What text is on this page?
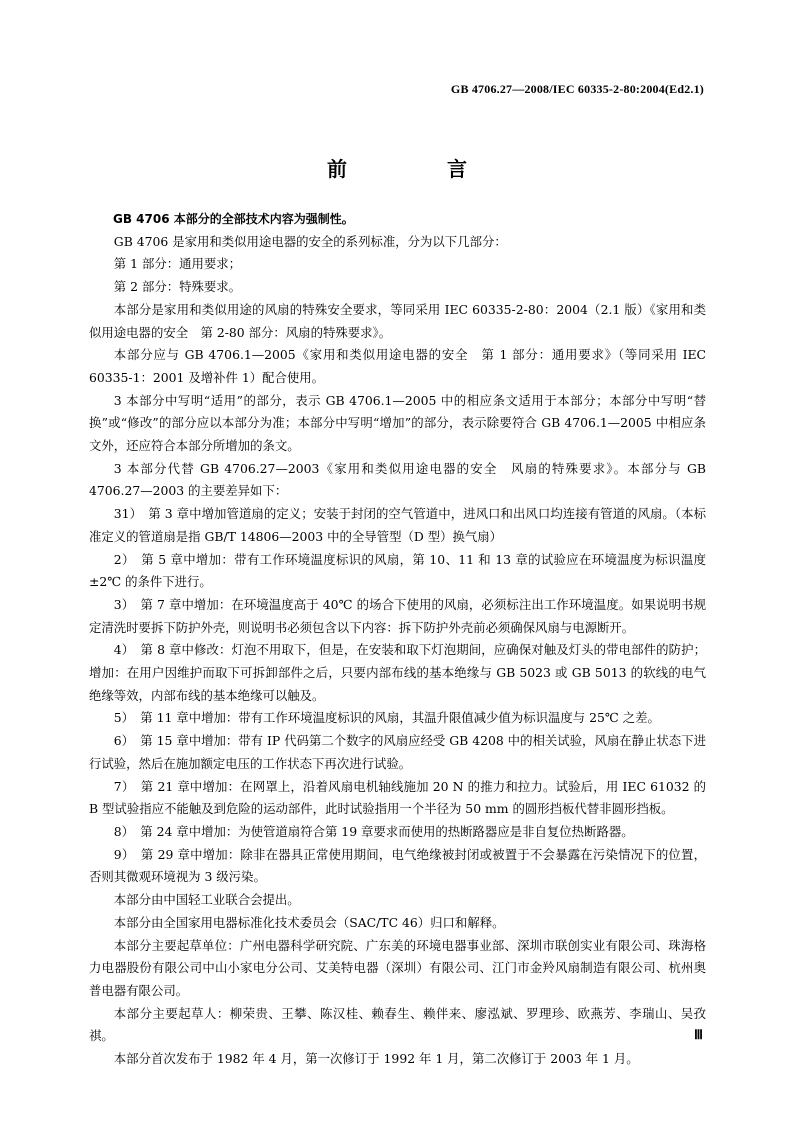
GB 4706.27—2008/IEC 60335-2-80:2004(Ed2.1)
前　言

GB 4706 本部分的全部技术内容为强制性。

GB 4706 是家用和类似用途电器的安全的系列标准，分为以下几部分：

第 1 部分：通用要求；

第 2 部分：特殊要求。

本部分是家用和类似用途的风扇的特殊安全要求，等同采用 IEC 60335-2-80：2004（2.1 版）《家用和类似用途电器的安全　第 2-80 部分：风扇的特殊要求》。

本部分应与 GB 4706.1—2005《家用和类似用途电器的安全　第 1 部分：通用要求》（等同采用 IEC 60335-1：2001 及增补件 1）配合使用。

3 本部分中写明“适用”的部分，表示 GB 4706.1—2005 中的相应条文适用于本部分；本部分中写明“替换”或“修改”的部分应以本部分为准；本部分中写明“增加”的部分，表示除要符合 GB 4706.1—2005 中相应条文外，还应符合本部分所增加的条文。

3 本部分代替 GB 4706.27—2003《家用和类似用途电器的安全　风扇的特殊要求》。本部分与 GB 4706.27—2003 的主要差异如下：

31）　第 3 章中增加管道扇的定义；安装于封闭的空气管道中，进风口和出风口均连接有管道的风扇。（本标准定义的管道扇是指 GB/T 14806—2003 中的全导管型（D 型）换气扇）

2）　第 5 章中增加：带有工作环境温度标识的风扇，第 10、11 和 13 章的试验应在环境温度为标识温度±2℃ 的条件下进行。

3）　第 7 章中增加：在环境温度高于 40℃ 的场合下使用的风扇，必须标注出工作环境温度。如果说明书规定清洗时要拆下防护外壳，则说明书必须包含以下内容：拆下防护外壳前必须确保风扇与电源断开。

4）　第 8 章中修改：灯泡不用取下，但是，在安装和取下灯泡期间，应确保对触及灯头的带电部件的防护；增加：在用户因维护而取下可拆卸部件之后，只要内部布线的基本绝缘与 GB 5023 或 GB 5013 的软线的电气绝缘等效，内部布线的基本绝缘可以触及。

5）　第 11 章中增加：带有工作环境温度标识的风扇，其温升限值减少值为标识温度与 25℃ 之差。

6）　第 15 章中增加：带有 IP 代码第二个数字的风扇应经受 GB 4208 中的相关试验，风扇在静止状态下进行试验，然后在施加额定电压的工作状态下再次进行试验。

7）　第 21 章中增加：在网罩上，沿着风扇电机轴线施加 20 N 的推力和拉力。试验后，用 IEC 61032 的 B 型试验指应不能触及到危险的运动部件，此时试验指用一个半径为 50 mm 的圆形挡板代替非圆形挡板。

8）　第 24 章中增加：为使管道扇符合第 19 章要求而使用的热断路器应是非自复位热断路器。

9）　第 29 章中增加：除非在器具正常使用期间，电气绝缘被封闭或被置于不会暴露在污染情况下的位置，否则其微观环境视为 3 级污染。

本部分由中国轻工业联合会提出。

本部分由全国家用电器标准化技术委员会（SAC/TC 46）归口和解释。

本部分主要起草单位：广州电器科学研究院、广东美的环境电器事业部、深圳市联创实业有限公司、珠海格力电器股份有限公司中山小家电分公司、艾美特电器（深圳）有限公司、江门市金羚风扇制造有限公司、杭州奥普电器有限公司。

本部分主要起草人：柳荣贵、王攀、陈汉桂、赖春生、赖伴来、廖泓斌、罗理珍、欧燕芳、李瑞山、吴孜祺。

本部分首次发布于 1982 年 4 月，第一次修订于 1992 年 1 月，第二次修订于 2003 年 1 月。

Ⅲ
